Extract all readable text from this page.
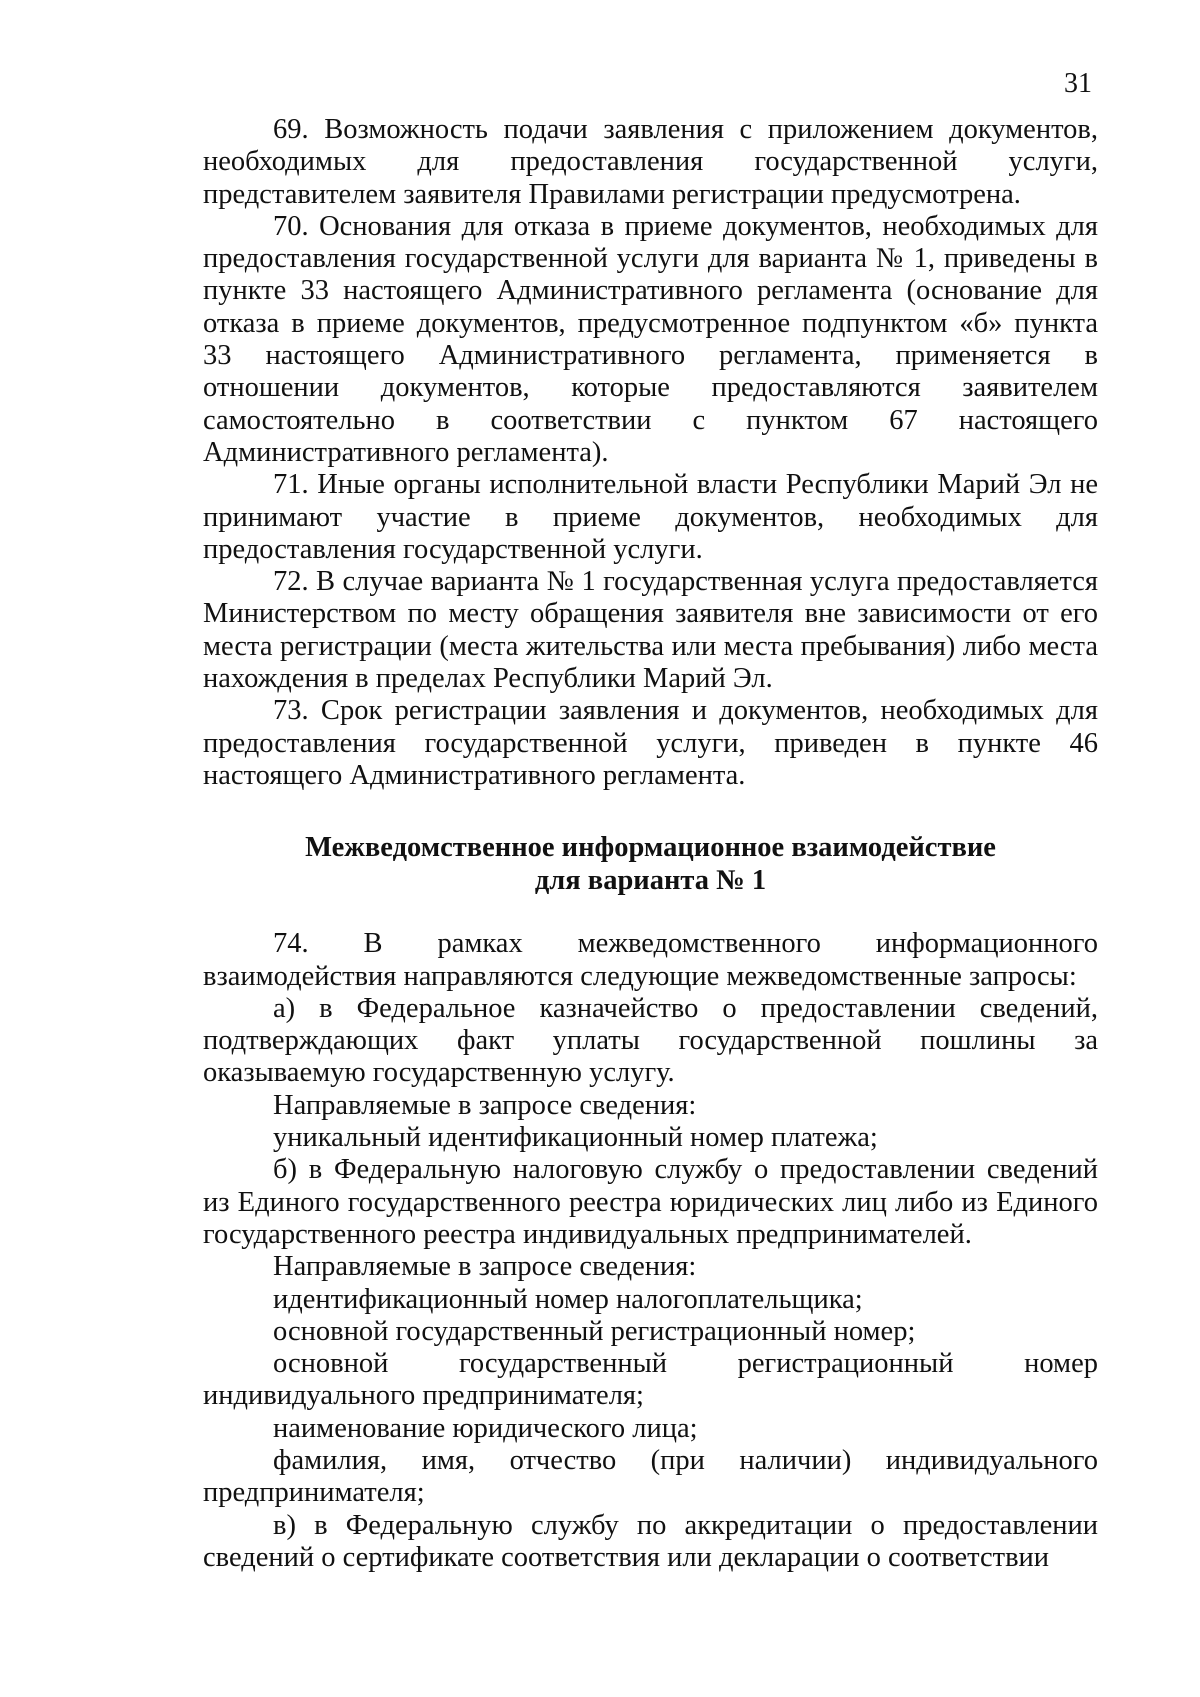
31

69. Возможность подачи заявления с приложением документов, необходимых для предоставления государственной услуги, представителем заявителя Правилами регистрации предусмотрена.

70. Основания для отказа в приеме документов, необходимых для предоставления государственной услуги для варианта № 1, приведены в пункте 33 настоящего Административного регламента (основание для отказа в приеме документов, предусмотренное подпунктом «б» пункта 33 настоящего Административного регламента, применяется в отношении документов, которые предоставляются заявителем самостоятельно в соответствии с пунктом 67 настоящего Административного регламента).

71. Иные органы исполнительной власти Республики Марий Эл не принимают участие в приеме документов, необходимых для предоставления государственной услуги.

72. В случае варианта № 1 государственная услуга предоставляется Министерством по месту обращения заявителя вне зависимости от его места регистрации (места жительства или места пребывания) либо места нахождения в пределах Республики Марий Эл.

73. Срок регистрации заявления и документов, необходимых для предоставления государственной услуги, приведен в пункте 46 настоящего Административного регламента.

Межведомственное информационное взаимодействие
для варианта № 1

74. В рамках межведомственного информационного взаимодействия направляются следующие межведомственные запросы:

а) в Федеральное казначейство о предоставлении сведений, подтверждающих факт уплаты государственной пошлины за оказываемую государственную услугу.

Направляемые в запросе сведения:

уникальный идентификационный номер платежа;

б) в Федеральную налоговую службу о предоставлении сведений из Единого государственного реестра юридических лиц либо из Единого государственного реестра индивидуальных предпринимателей.

Направляемые в запросе сведения:

идентификационный номер налогоплательщика;

основной государственный регистрационный номер;

основной государственный регистрационный номер индивидуального предпринимателя;

наименование юридического лица;

фамилия, имя, отчество (при наличии) индивидуального предпринимателя;

в) в Федеральную службу по аккредитации о предоставлении сведений о сертификате соответствия или декларации о соответствии
